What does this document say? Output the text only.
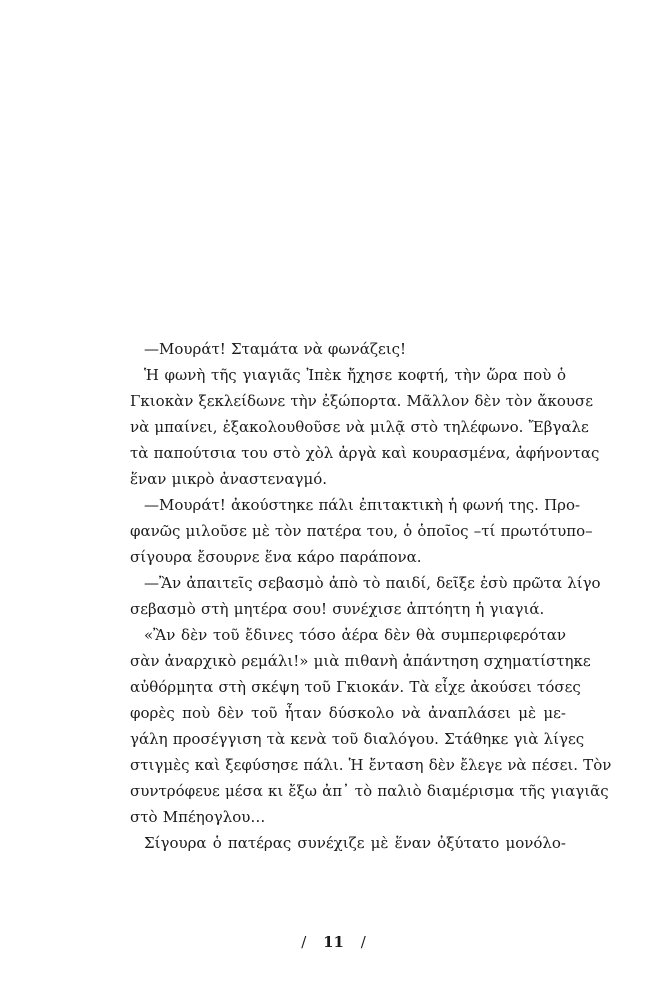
—Μουράτ! Σταμάτα νὰ φωνάζεις!

Ἡ φωνὴ τῆς γιαγιᾶς Ἰπὲκ ἤχησε κοφτή, τὴν ὥρα ποὺ ὁ
Γκιοκὰν ξεκλείδωνε τὴν ἐξώπορτα. Μᾶλλον δὲν τὸν ἄκουσε
νὰ μπαίνει, ἐξακολουθοῦσε νὰ μιλᾷ στὸ τηλέφωνο. Ἔβγαλε
τὰ παπούτσια του στὸ χὸλ ἀργὰ καὶ κουρασμένα, ἀφήνοντας
ἕναν μικρὸ ἀναστεναγμό.

—Μουράτ! ἀκούστηκε πάλι ἐπιτακτικὴ ἡ φωνή της. Προ-
φανῶς μιλοῦσε μὲ τὸν πατέρα του, ὁ ὁποῖος –τί πρωτότυπο–
σίγουρα ἔσουρνε ἕνα κάρο παράπονα.

—Ἂν ἀπαιτεῖς σεβασμὸ ἀπὸ τὸ παιδί, δεῖξε ἐσὺ πρῶτα λίγο
σεβασμὸ στὴ μητέρα σου! συνέχισε ἀπτόητη ἡ γιαγιά.

«Ἂν δὲν τοῦ ἔδινες τόσο ἀέρα δὲν θὰ συμπεριφερόταν
σὰν ἀναρχικὸ ρεμάλι!» μιὰ πιθανὴ ἀπάντηση σχηματίστηκε
αὐθόρμητα στὴ σκέψη τοῦ Γκιοκάν. Τὰ εἶχε ἀκούσει τόσες
φορὲς ποὺ δὲν τοῦ ἦταν δύσκολο νὰ ἀναπλάσει μὲ με-
γάλη προσέγγιση τὰ κενὰ τοῦ διαλόγου. Στάθηκε γιὰ λίγες
στιγμὲς καὶ ξεφύσησε πάλι. Ἡ ἔνταση δὲν ἔλεγε νὰ πέσει. Τὸν
συντρόφευε μέσα κι ἔξω ἀπ᾿ τὸ παλιὸ διαμέρισμα τῆς γιαγιᾶς
στὸ Μπέηογλου…

Σίγουρα ὁ πατέρας συνέχιζε μὲ ἕναν ὀξύτατο μονόλο-

/ 11 /
